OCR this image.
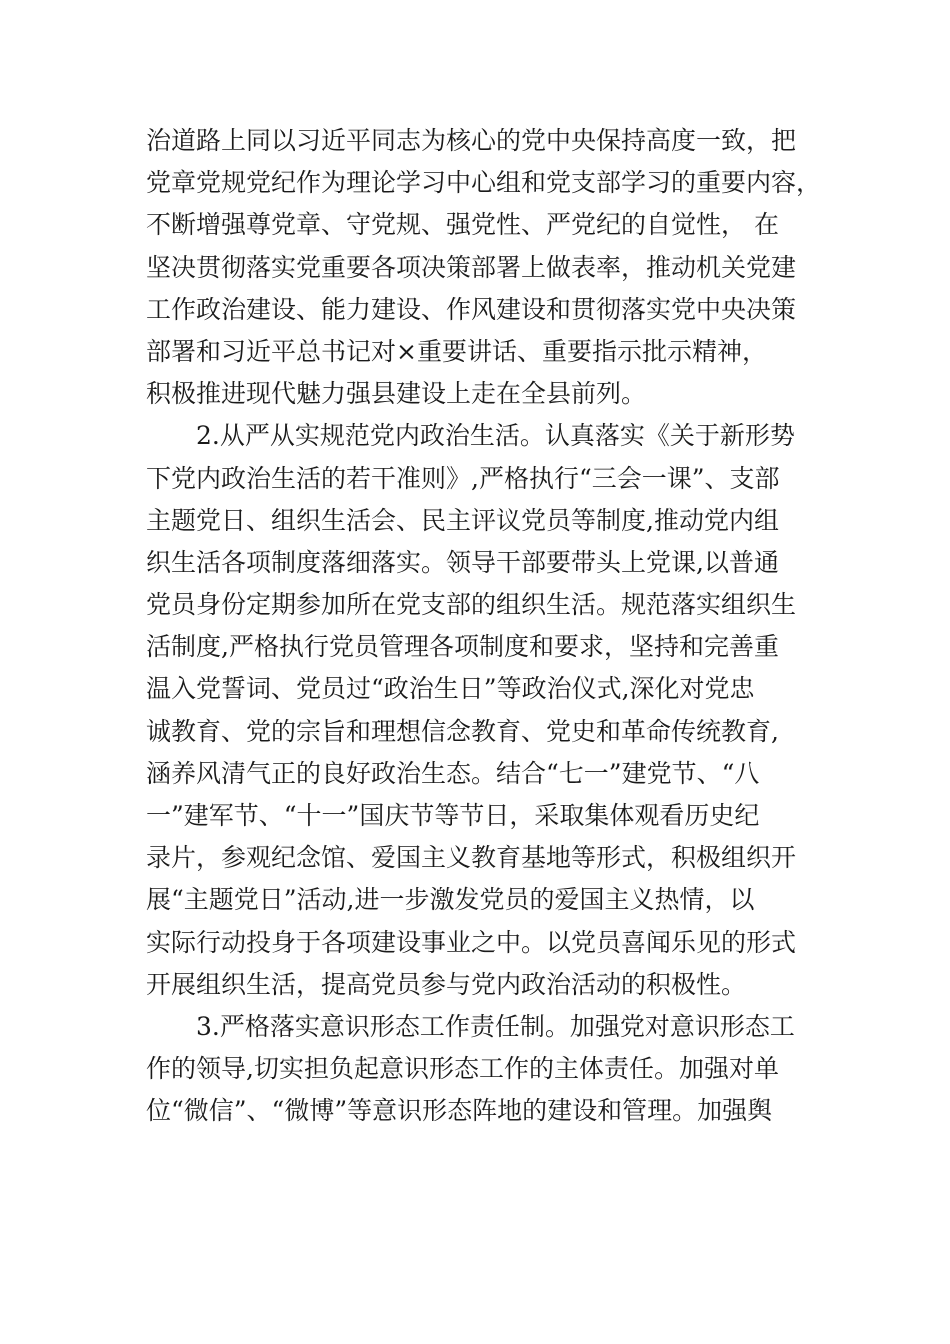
治道路上同以习近平同志为核心的党中央保持高度一致，把
党章党规党纪作为理论学习中心组和党支部学习的重要内容，
不断增强尊党章、守党规、强党性、严党纪的自觉性， 在
坚决贯彻落实党重要各项决策部署上做表率，推动机关党建
工作政治建设、能力建设、作风建设和贯彻落实党中央决策
部署和习近平总书记对×重要讲话、重要指示批示精神，
积极推进现代魅力强县建设上走在全县前列。
2.从严从实规范党内政治生活。认真落实《关于新形势
下党内政治生活的若干准则》,严格执行“三会一课”、支部
主题党日、组织生活会、民主评议党员等制度,推动党内组
织生活各项制度落细落实。领导干部要带头上党课,以普通
党员身份定期参加所在党支部的组织生活。规范落实组织生
活制度,严格执行党员管理各项制度和要求，坚持和完善重
温入党誓词、党员过“政治生日”等政治仪式,深化对党忠
诚教育、党的宗旨和理想信念教育、党史和革命传统教育,
涵养风清气正的良好政治生态。结合“七一”建党节、“八
一”建军节、“十一”国庆节等节日，采取集体观看历史纪
录片，参观纪念馆、爱国主义教育基地等形式，积极组织开
展“主题党日”活动,进一步激发党员的爱国主义热情，以
实际行动投身于各项建设事业之中。以党员喜闻乐见的形式
开展组织生活，提高党员参与党内政治活动的积极性。
3.严格落实意识形态工作责任制。加强党对意识形态工
作的领导,切实担负起意识形态工作的主体责任。加强对单
位“微信”、“微博”等意识形态阵地的建设和管理。加强舆
